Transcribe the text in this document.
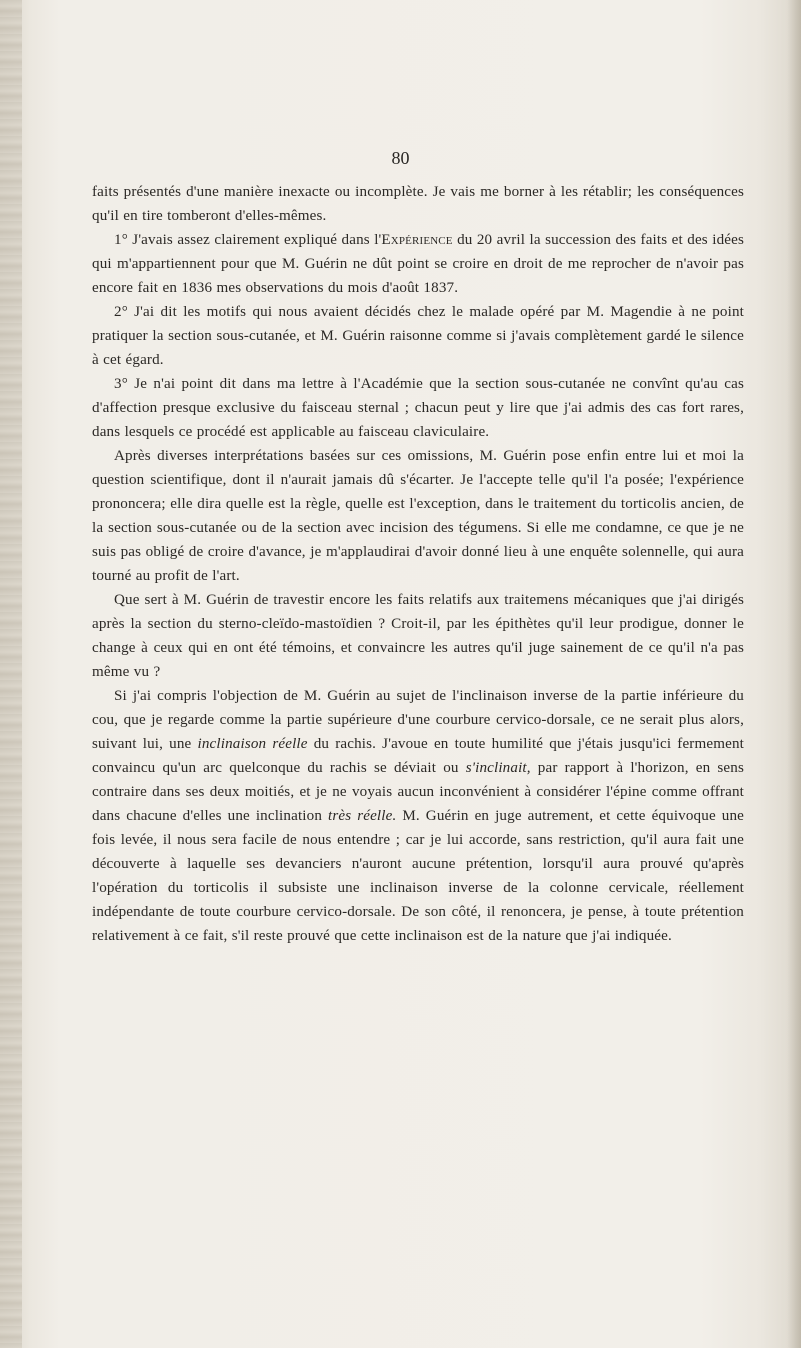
80

faits présentés d'une manière inexacte ou incomplète. Je vais me borner à les rétablir; les conséquences qu'il en tire tomberont d'elles-mêmes.

1° J'avais assez clairement expliqué dans l'Expérience du 20 avril la succession des faits et des idées qui m'appartiennent pour que M. Guérin ne dût point se croire en droit de me reprocher de n'avoir pas encore fait en 1836 mes observations du mois d'août 1837.

2° J'ai dit les motifs qui nous avaient décidés chez le malade opéré par M. Magendie à ne point pratiquer la section sous-cutanée, et M. Guérin raisonne comme si j'avais complètement gardé le silence à cet égard.

3° Je n'ai point dit dans ma lettre à l'Académie que la section sous-cutanée ne convînt qu'au cas d'affection presque exclusive du faisceau sternal ; chacun peut y lire que j'ai admis des cas fort rares, dans lesquels ce procédé est applicable au faisceau claviculaire.

Après diverses interprétations basées sur ces omissions, M. Guérin pose enfin entre lui et moi la question scientifique, dont il n'aurait jamais dû s'écarter. Je l'accepte telle qu'il l'a posée; l'expérience prononcera; elle dira quelle est la règle, quelle est l'exception, dans le traitement du torticolis ancien, de la section sous-cutanée ou de la section avec incision des tégumens. Si elle me condamne, ce que je ne suis pas obligé de croire d'avance, je m'applaudirai d'avoir donné lieu à une enquête solennelle, qui aura tourné au profit de l'art.

Que sert à M. Guérin de travestir encore les faits relatifs aux traitemens mécaniques que j'ai dirigés après la section du sterno-cleïdo-mastoïdien ? Croit-il, par les épithètes qu'il leur prodigue, donner le change à ceux qui en ont été témoins, et convaincre les autres qu'il juge sainement de ce qu'il n'a pas même vu ?

Si j'ai compris l'objection de M. Guérin au sujet de l'inclinaison inverse de la partie inférieure du cou, que je regarde comme la partie supérieure d'une courbure cervico-dorsale, ce ne serait plus alors, suivant lui, une inclinaison réelle du rachis. J'avoue en toute humilité que j'étais jusqu'ici fermement convaincu qu'un arc quelconque du rachis se déviait ou s'inclinait, par rapport à l'horizon, en sens contraire dans ses deux moitiés, et je ne voyais aucun inconvénient à considérer l'épine comme offrant dans chacune d'elles une inclination très réelle. M. Guérin en juge autrement, et cette équivoque une fois levée, il nous sera facile de nous entendre ; car je lui accorde, sans restriction, qu'il aura fait une découverte à laquelle ses devanciers n'auront aucune prétention, lorsqu'il aura prouvé qu'après l'opération du torticolis il subsiste une inclinaison inverse de la colonne cervicale, réellement indépendante de toute courbure cervico-dorsale. De son côté, il renoncera, je pense, à toute prétention relativement à ce fait, s'il reste prouvé que cette inclinaison est de la nature que j'ai indiquée.
